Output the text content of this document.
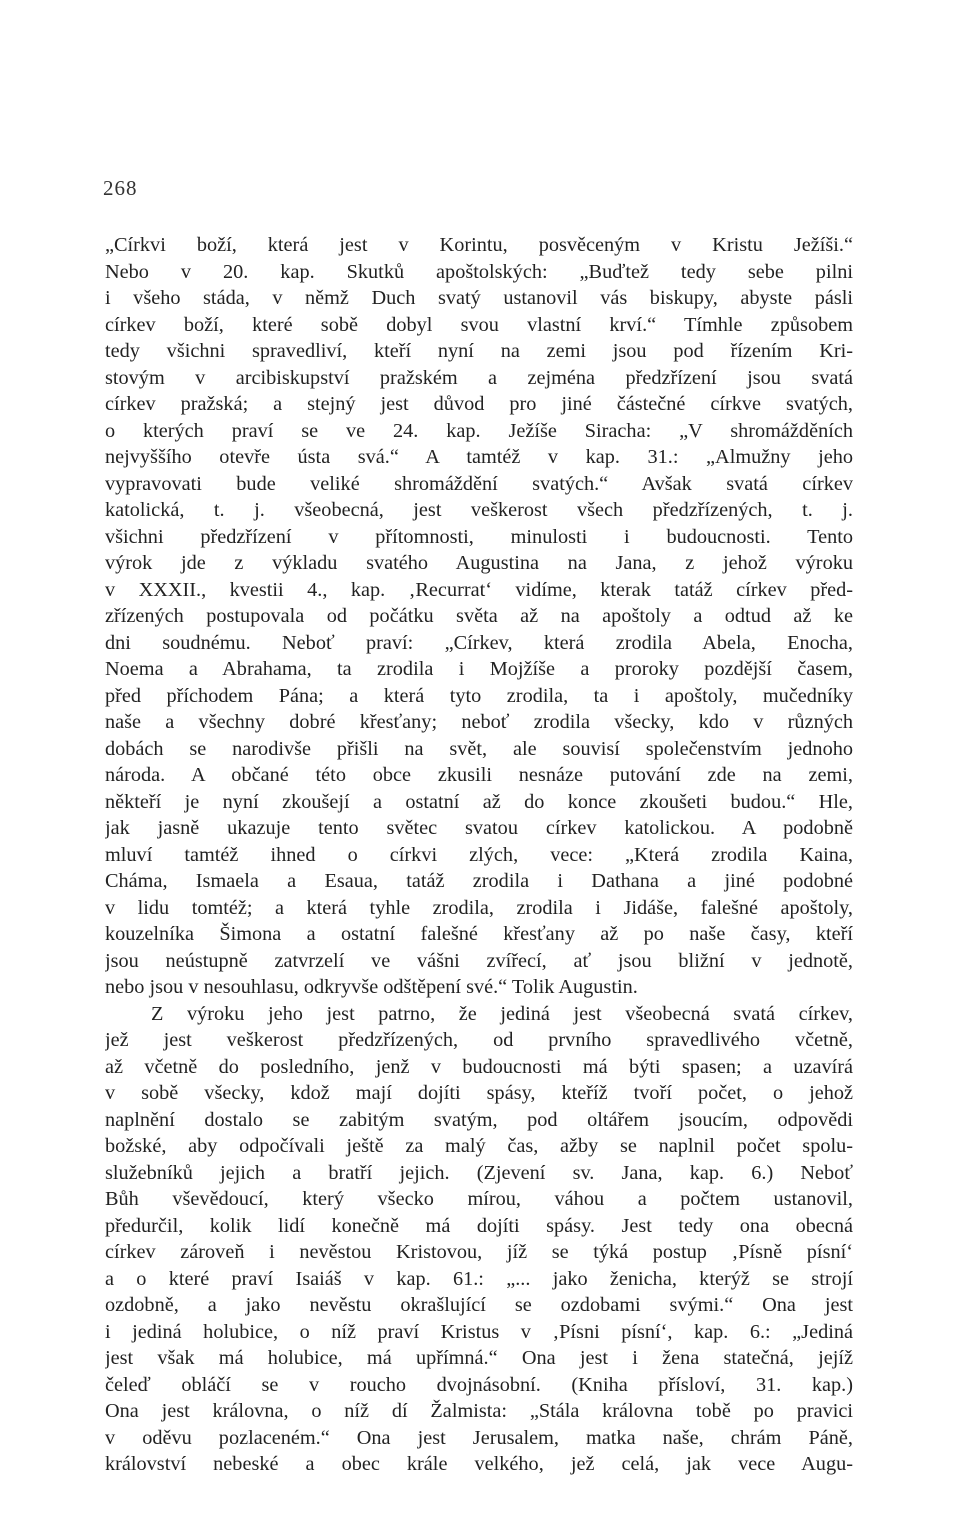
268
„Církvi boží, která jest v Korintu, posvěceným v Kristu Ježíši.“
Nebo v 20. kap. Skutků apoštolských: „Buďtež tedy sebe pilni
i všeho stáda, v němž Duch svatý ustanovil vás biskupy, abyste pásli
církev boží, které sobě dobyl svou vlastní krví.“ Tímhle způsobem
tedy všichni spravedliví, kteří nyní na zemi jsou pod řízením Kri-
stovým v arcibiskupství pražském a zejména předzřízení jsou svatá
církev pražská; a stejný jest důvod pro jiné částečné církve svatých,
o kterých praví se ve 24. kap. Ježíše Siracha: „V shromážděních
nejvyššího otevře ústa svá.“ A tamtéž v kap. 31.: „Almužny jeho
vypravovati bude veliké shromáždění svatých.“ Avšak svatá církev
katolická, t. j. všeobecná, jest veškerost všech předzřízených, t. j.
všichni předzřízení v přítomnosti, minulosti i budoucnosti. Tento
výrok jde z výkladu svatého Augustina na Jana, z jehož výroku
v XXXII., kvestii 4., kap. ‚Recurrat‘ vidíme, kterak tatáž církev před-
zřízených postupovala od počátku světa až na apoštoly a odtud až ke
dni soudnému. Neboť praví: „Církev, která zrodila Abela, Enocha,
Noema a Abrahama, ta zrodila i Mojžíše a proroky pozdější časem,
před příchodem Pána; a která tyto zrodila, ta i apoštoly, mučedníky
naše a všechny dobré křesťany; neboť zrodila všecky, kdo v různých
dobách se narodivše přišli na svět, ale souvisí společenstvím jednoho
národa. A občané této obce zkusili nesnáze putování zde na zemi,
někteří je nyní zkoušejí a ostatní až do konce zkoušeti budou.“ Hle,
jak jasně ukazuje tento světec svatou církev katolickou. A podobně
mluví tamtéž ihned o církvi zlých, vece: „Která zrodila Kaina,
Cháma, Ismaela a Esaua, tatáž zrodila i Dathana a jiné podobné
v lidu tomtéž; a která tyhle zrodila, zrodila i Jidáše, falešné apoštoly,
kouzelníka Šimona a ostatní falešné křesťany až po naše časy, kteří
jsou neústupně zatvrzelí ve vášni zvířecí, ať jsou bližní v jednotě,
nebo jsou v nesouhlasu, odkryvše odštěpení své.“ Tolik Augustin.
Z výroku jeho jest patrno, že jediná jest všeobecná svatá církev,
jež jest veškerost předzřízených, od prvního spravedlivého včetně,
až včetně do posledního, jenž v budoucnosti má býti spasen; a uzavírá
v sobě všecky, kdož mají dojíti spásy, kteříž tvoří počet, o jehož
naplnění dostalo se zabitým svatým, pod oltářem jsoucím, odpovědi
božské, aby odpočívali ještě za malý čas, ažby se naplnil počet spolu-
služebníků jejich a bratří jejich. (Zjevení sv. Jana, kap. 6.) Neboť
Bůh vševědoucí, který všecko mírou, váhou a počtem ustanovil,
předurčil, kolik lidí konečně má dojíti spásy. Jest tedy ona obecná
církev zároveň i nevěstou Kristovou, jíž se týká postup ‚Písně písní‘
a o které praví Isaiáš v kap. 61.: „... jako ženicha, kterýž se strojí
ozdobně, a jako nevěstu okrašlující se ozdobami svými.“ Ona jest
i jediná holubice, o níž praví Kristus v ‚Písni písní‘, kap. 6.: „Jediná
jest však má holubice, má upřímná.“ Ona jest i žena statečná, jejíž
čeleď obláčí se v roucho dvojnásobní. (Kniha přísloví, 31. kap.)
Ona jest královna, o níž dí Žalmista: „Stála královna tobě po pravici
v oděvu pozlaceném.“ Ona jest Jerusalem, matka naše, chrám Páně,
království nebeské a obec krále velkého, jež celá, jak vece Augu-
